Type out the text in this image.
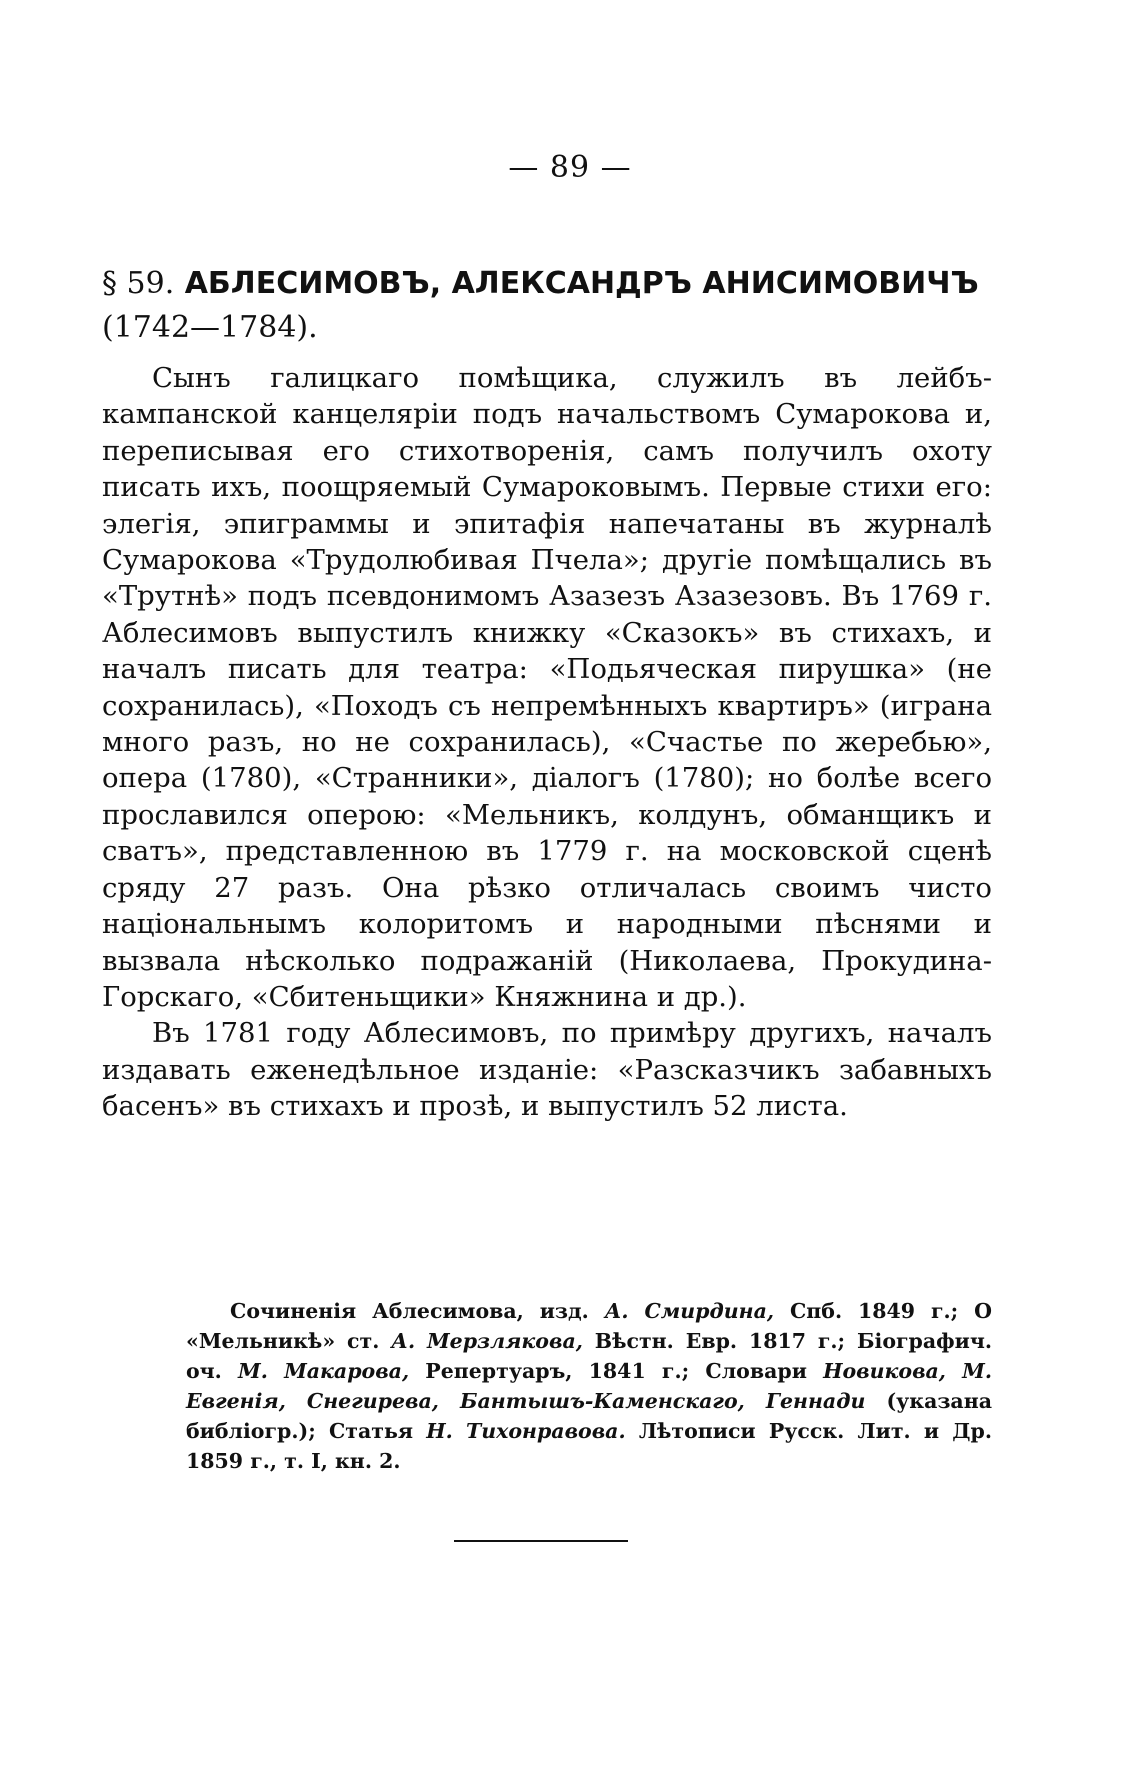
— 89 —
§ 59. АБЛЕСИМОВЪ, АЛЕКСАНДРЪ АНИСИМОВИЧЪ
(1742—1784).

Сынъ галицкаго помѣщика, служилъ въ лейбъ-кампанской канцеляріи подъ начальствомъ Сумарокова и, переписывая его стихотворенія, самъ получилъ охоту писать ихъ, поощряемый Сумароковымъ. Первые стихи его: элегія, эпиграммы и эпитафія напечатаны въ журналѣ Сумарокова «Трудолюбивая Пчела»; другіе помѣщались въ «Трутнѣ» подъ псевдонимомъ Азазезъ Азазезовъ. Въ 1769 г. Аблесимовъ выпустилъ книжку «Сказокъ» въ стихахъ, и началъ писать для театра: «Подьяческая пирушка» (не сохранилась), «Походъ съ непремѣнныхъ квартиръ» (играна много разъ, но не сохранилась), «Счастье по жеребью», опера (1780), «Странники», діалогъ (1780); но болѣе всего прославился оперою: «Мельникъ, колдунъ, обманщикъ и сватъ», представленною въ 1779 г. на московской сценѣ сряду 27 разъ. Она рѣзко отличалась своимъ чисто національнымъ колоритомъ и народными пѣснями и вызвала нѣсколько подражаній (Николаева, Прокудина-Горскаго, «Сбитеньщики» Княжнина и др.).

Въ 1781 году Аблесимовъ, по примѣру другихъ, началъ издавать еженедѣльное изданіе: «Разсказчикъ забавныхъ басенъ» въ стихахъ и прозѣ, и выпустилъ 52 листа.

Сочиненія Аблесимова, изд. А. Смирдина, Спб. 1849 г.; О «Мельникѣ» ст. А. Мерзлякова, Вѣстн. Евр. 1817 г.; Біографич. оч. М. Макарова, Репертуаръ, 1841 г.; Словари Новикова, М. Евгенія, Снегирева, Бантышъ-Каменскаго, Геннади (указана библіогр.); Статья Н. Тихонравова. Лѣтописи Русск. Лит. и Др. 1859 г., т. I, кн. 2.
